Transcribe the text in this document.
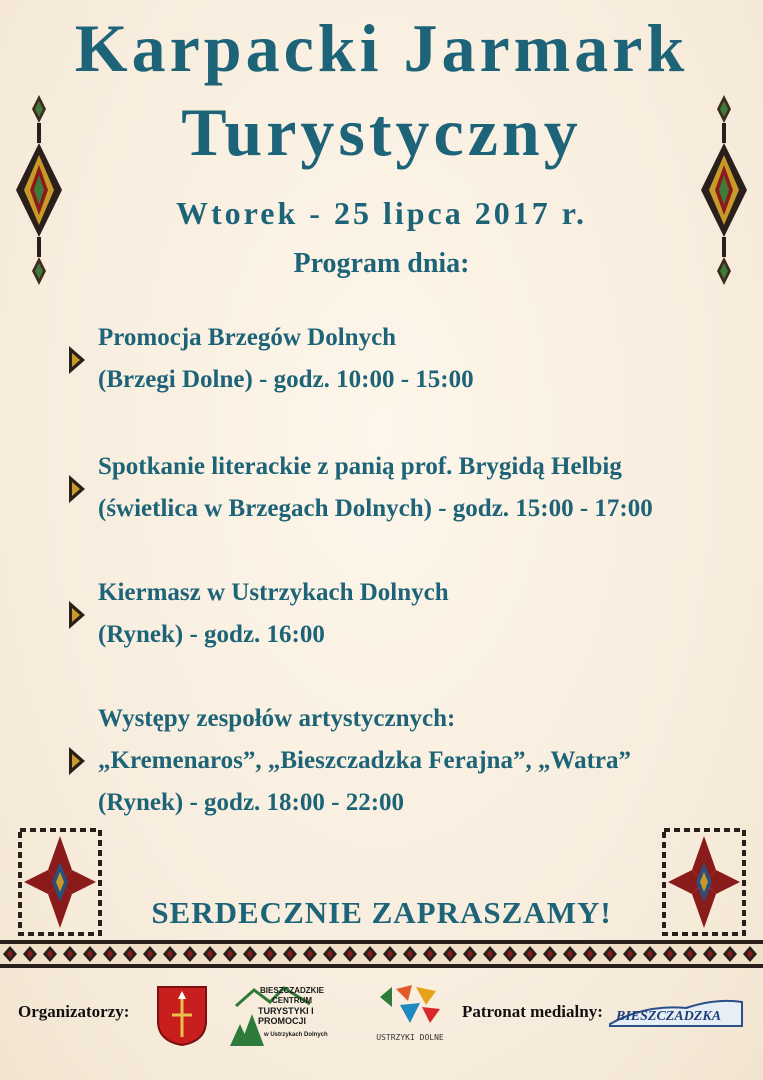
Karpacki Jarmark
Turystyczny
Wtorek - 25 lipca 2017 r.
Program dnia:
Promocja Brzegów Dolnych
(Brzegi Dolne) - godz. 10:00 - 15:00
Spotkanie literackie z panią prof. Brygidą Helbig
(świetlica w Brzegach Dolnych) - godz. 15:00 - 17:00
Kiermasz w Ustrzykach Dolnych
(Rynek) - godz. 16:00
Występy zespołów artystycznych:
„Kremenaros”, „Bieszczadzka Ferajna”, „Watra”
(Rynek) - godz. 18:00 - 22:00
SERDECZNIE ZAPRASZAMY!
Organizatorzy:
BIESZCZADZKIE
CENTRUM
TURYSTYKI I PROMOCJI
w Ustrzykach Dolnych	USTRZYKI DOLNE
Patronat medialny: BIESZCZADZKA
